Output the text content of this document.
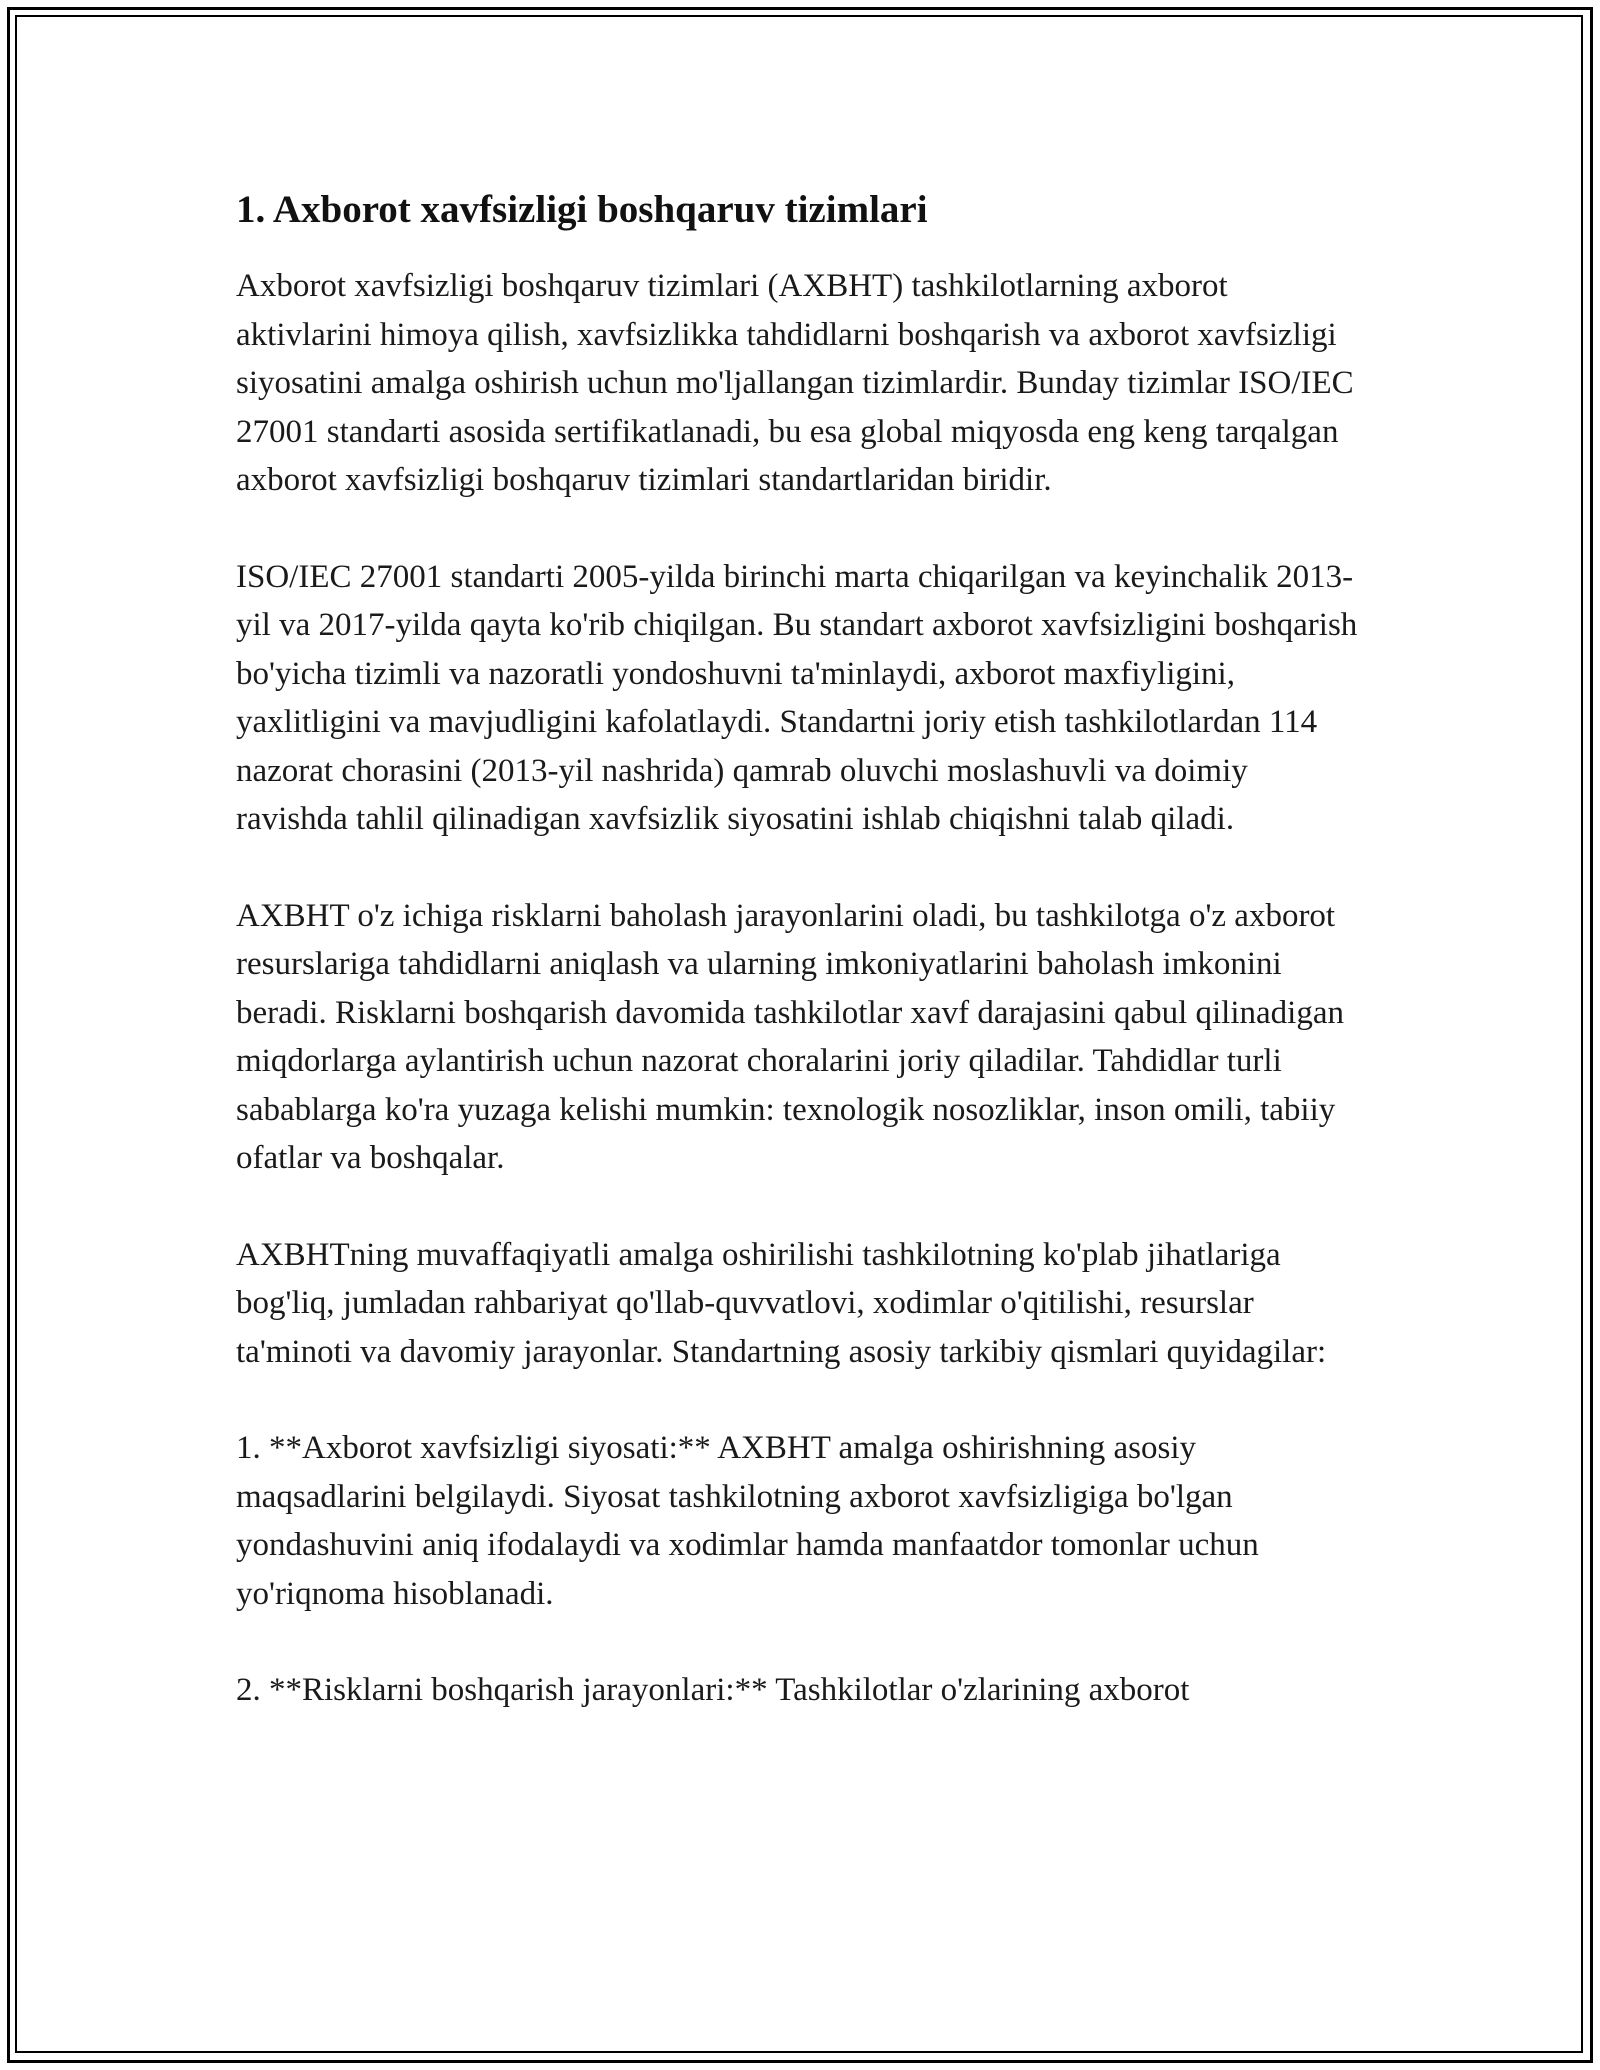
1. Axborot xavfsizligi boshqaruv tizimlari

Axborot xavfsizligi boshqaruv tizimlari (AXBHT) tashkilotlarning axborot aktivlarini himoya qilish, xavfsizlikka tahdidlarni boshqarish va axborot xavfsizligi siyosatini amalga oshirish uchun mo'ljallangan tizimlardir. Bunday tizimlar ISO/IEC 27001 standarti asosida sertifikatlanadi, bu esa global miqyosda eng keng tarqalgan axborot xavfsizligi boshqaruv tizimlari standartlaridan biridir.

ISO/IEC 27001 standarti 2005-yilda birinchi marta chiqarilgan va keyinchalik 2013-yil va 2017-yilda qayta ko'rib chiqilgan. Bu standart axborot xavfsizligini boshqarish bo'yicha tizimli va nazoratli yondoshuvni ta'minlaydi, axborot maxfiyligini, yaxlitligini va mavjudligini kafolatlaydi. Standartni joriy etish tashkilotlardan 114 nazorat chorasini (2013-yil nashrida) qamrab oluvchi moslashuvli va doimiy ravishda tahlil qilinadigan xavfsizlik siyosatini ishlab chiqishni talab qiladi.

AXBHT o'z ichiga risklarni baholash jarayonlarini oladi, bu tashkilotga o'z axborot resurslariga tahdidlarni aniqlash va ularning imkoniyatlarini baholash imkonini beradi. Risklarni boshqarish davomida tashkilotlar xavf darajasini qabul qilinadigan miqdorlarga aylantirish uchun nazorat choralarini joriy qiladilar. Tahdidlar turli sabablarga ko'ra yuzaga kelishi mumkin: texnologik nosozliklar, inson omili, tabiiy ofatlar va boshqalar.

AXBHTning muvaffaqiyatli amalga oshirilishi tashkilotning ko'plab jihatlariga bog'liq, jumladan rahbariyat qo'llab-quvvatlovi, xodimlar o'qitilishi, resurslar ta'minoti va davomiy jarayonlar. Standartning asosiy tarkibiy qismlari quyidagilar:

1. **Axborot xavfsizligi siyosati:** AXBHT amalga oshirishning asosiy maqsadlarini belgilaydi. Siyosat tashkilotning axborot xavfsizligiga bo'lgan yondashuvini aniq ifodalaydi va xodimlar hamda manfaatdor tomonlar uchun yo'riqnoma hisoblanadi.

2. **Risklarni boshqarish jarayonlari:** Tashkilotlar o'zlarining axborot
